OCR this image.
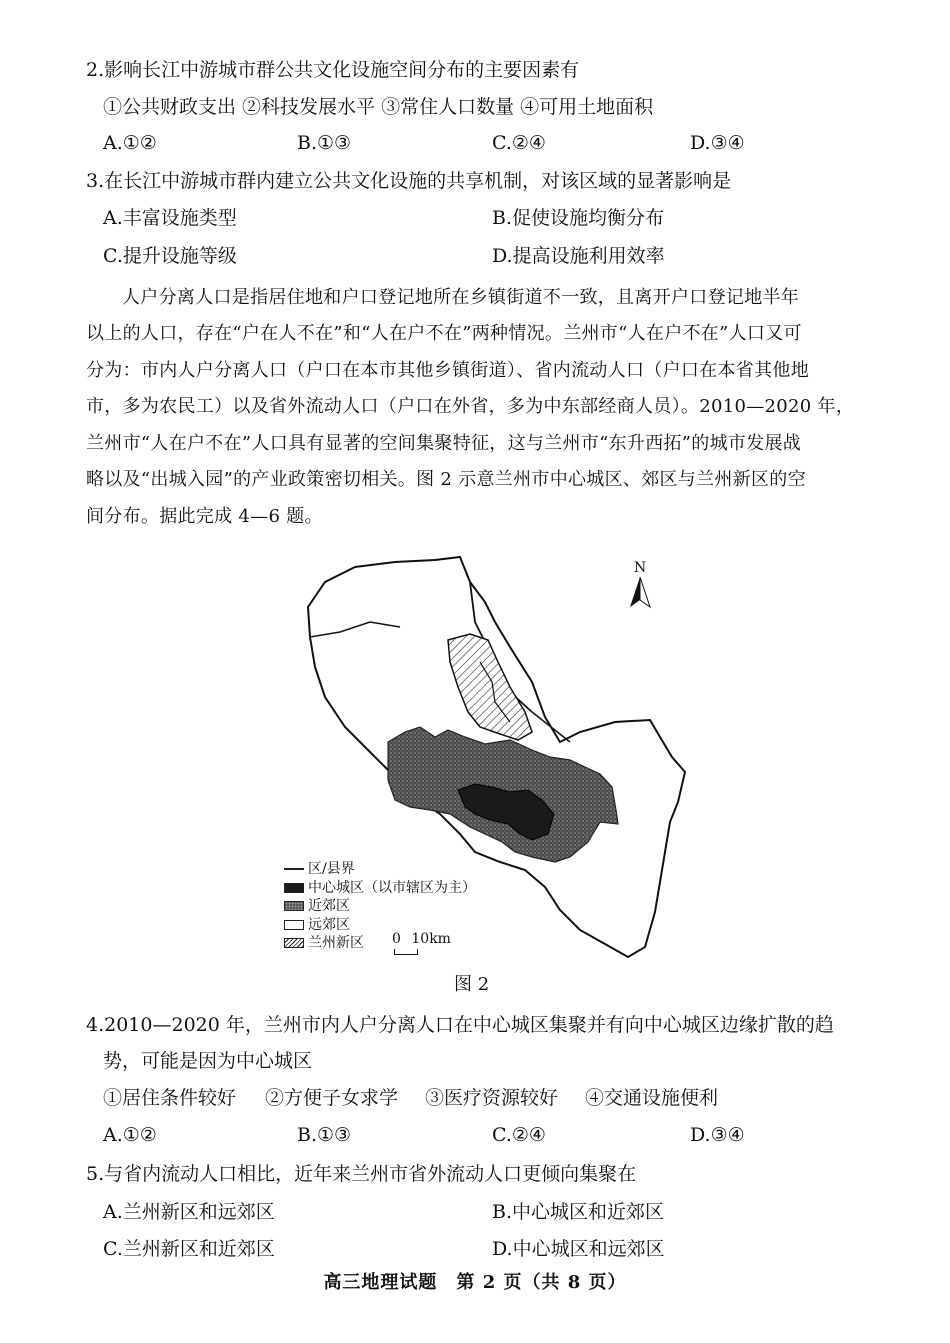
2.影响长江中游城市群公共文化设施空间分布的主要因素有
①公共财政支出 ②科技发展水平 ③常住人口数量 ④可用土地面积
A.①②	B.①③	C.②④	D.③④
3.在长江中游城市群内建立公共文化设施的共享机制，对该区域的显著影响是
A.丰富设施类型	B.促使设施均衡分布
C.提升设施等级	D.提高设施利用效率
人户分离人口是指居住地和户口登记地所在乡镇街道不一致，且离开户口登记地半年
以上的人口，存在“户在人不在”和“人在户不在”两种情况。兰州市“人在户不在”人口又可
分为：市内人户分离人口（户口在本市其他乡镇街道）、省内流动人口（户口在本省其他地
市，多为农民工）以及省外流动人口（户口在外省，多为中东部经商人员）。2010—2020 年，
兰州市“人在户不在”人口具有显著的空间集聚特征，这与兰州市“东升西拓”的城市发展战
略以及“出城入园”的产业政策密切相关。图 2 示意兰州市中心城区、郊区与兰州新区的空
间分布。据此完成 4—6 题。
N
区/县界
中心城区（以市辖区为主）
近郊区
远郊区
兰州新区 0 10km
图 2
4.2010—2020 年，兰州市内人户分离人口在中心城区集聚并有向中心城区边缘扩散的趋
势，可能是因为中心城区
①居住条件较好 ②方便子女求学 ③医疗资源较好 ④交通设施便利
A.①②	B.①③	C.②④	D.③④
5.与省内流动人口相比，近年来兰州市省外流动人口更倾向集聚在
A.兰州新区和远郊区	B.中心城区和近郊区
C.兰州新区和近郊区	D.中心城区和远郊区
高三地理试题　第 2 页（共 8 页）
